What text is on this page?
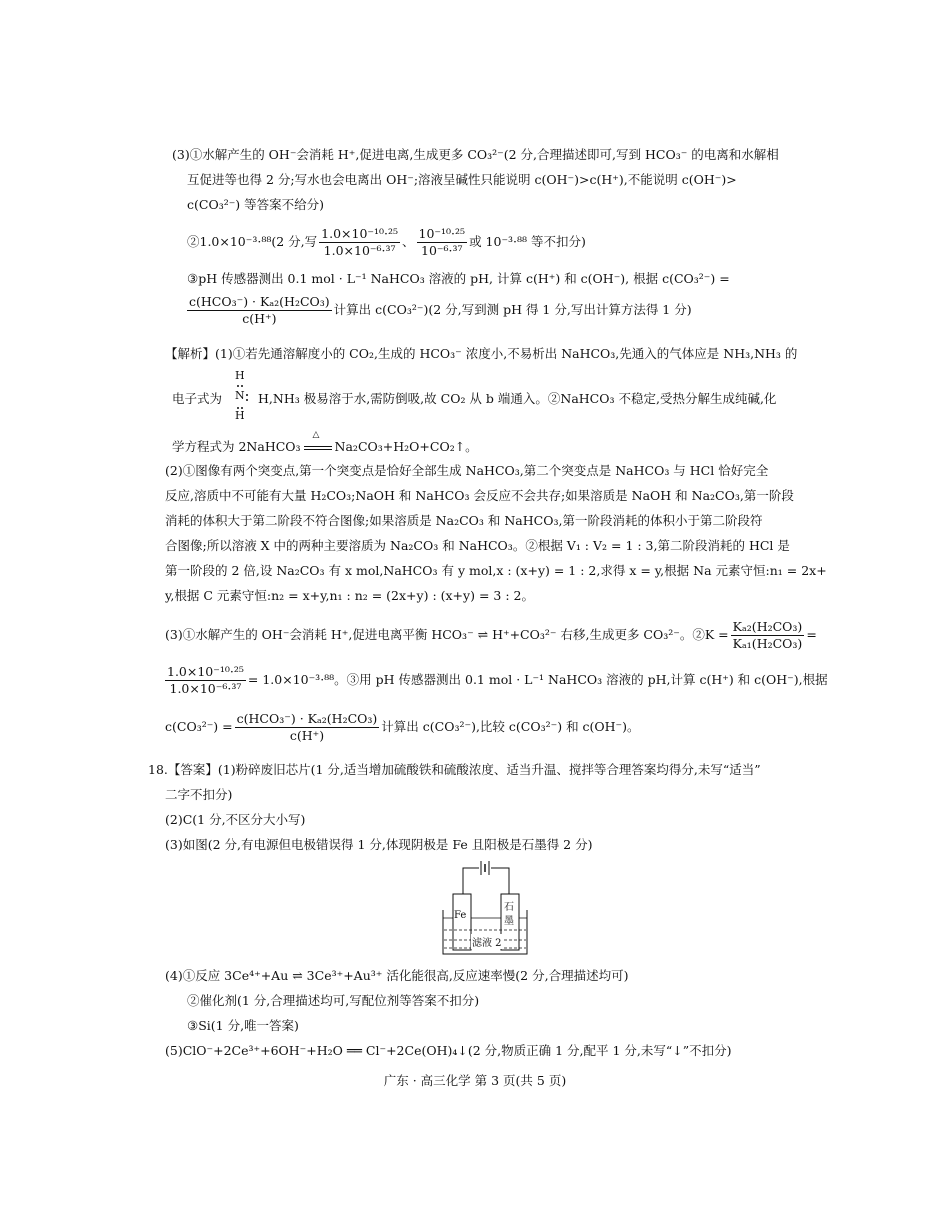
(3)①水解产生的 OH⁻会消耗 H⁺,促进电离,生成更多 CO₃²⁻(2 分,合理描述即可,写到 HCO₃⁻ 的电离和水解相
互促进等也得 2 分;写水也会电离出 OH⁻;溶液呈碱性只能说明 c(OH⁻)>c(H⁺),不能说明 c(OH⁻)>
c(CO₃²⁻) 等答案不给分)
②1.0×10⁻³·⁸⁸(2 分,写 $\frac{\text{1.0×10⁻¹⁰·²⁵}}{\text{1.0×10⁻⁶·³⁷}}$ 、 $\frac{\text{10⁻¹⁰·²⁵}}{\text{10⁻⁶·³⁷}}$ 或 10⁻³·⁸⁸ 等不扣分)
③pH 传感器测出 0.1 mol · L⁻¹ NaHCO₃ 溶液的 pH, 计算 c(H⁺) 和 c(OH⁻), 根据 c(CO₃²⁻) =
$\frac{\text{c(HCO₃⁻) · Kₐ₂(H₂CO₃)}}{c(H^+)}$ 计算出 c(CO₃²⁻)(2 分,写到测 pH 得 1 分,写出计算方法得 1 分)
【解析】(1)①若先通溶解度小的 CO₂,生成的 HCO₃⁻ 浓度小,不易析出 NaHCO₃,先通入的气体应是 NH₃,NH₃ 的
电子式为	H,NH₃ 极易溶于水,需防倒吸,故 CO₂ 从 b 端通入。②NaHCO₃ 不稳定,受热分解生成纯碱,化
H
N
H
学方程式为 2NaHCO₃
△
Na₂CO₃+H₂O+CO₂↑。
(2)①图像有两个突变点,第一个突变点是恰好全部生成 NaHCO₃,第二个突变点是 NaHCO₃ 与 HCl 恰好完全
反应,溶质中不可能有大量 H₂CO₃;NaOH 和 NaHCO₃ 会反应不会共存;如果溶质是 NaOH 和 Na₂CO₃,第一阶段
消耗的体积大于第二阶段不符合图像;如果溶质是 Na₂CO₃ 和 NaHCO₃,第一阶段消耗的体积小于第二阶段符
合图像;所以溶液 X 中的两种主要溶质为 Na₂CO₃ 和 NaHCO₃。②根据 V₁ : V₂ = 1 : 3,第二阶段消耗的 HCl 是
第一阶段的 2 倍,设 Na₂CO₃ 有 x mol,NaHCO₃ 有 y mol,x : (x+y) = 1 : 2,求得 x = y,根据 Na 元素守恒:n₁ = 2x+
y,根据 C 元素守恒:n₂ = x+y,n₁ : n₂ = (2x+y) : (x+y) = 3 : 2。
(3)①水解产生的 OH⁻会消耗 H⁺,促进电离平衡 HCO₃⁻ ⇌ H⁺+CO₃²⁻ 右移,生成更多 CO₃²⁻。②K = $\frac{\text{Kₐ₂(H₂CO₃)}}{\text{Kₐ₁(H₂CO₃)}}$ =
$\frac{\text{1.0×10⁻¹⁰·²⁵}}{\text{1.0×10⁻⁶·³⁷}} = 1.0\times 10^{-3}\cdot^{88}$。③用 pH 传感器测出 0.1 mol · L⁻¹ NaHCO₃ 溶液的 pH,计算 c(H⁺) 和 c(OH⁻),根据
$c(CO_3^{2-}) = \frac{\text{c(HCO₃⁻) · Kₐ₂(H₂CO₃)}}{c(H^+)}$ 计算出 c(CO₃²⁻),比较 c(CO₃²⁻) 和 c(OH⁻)。
18.【答案】(1)粉碎废旧芯片(1 分,适当增加硫酸铁和硫酸浓度、适当升温、搅拌等合理答案均得分,未写“适当”
二字不扣分)
(2)C(1 分,不区分大小写)
(3)如图(2 分,有电源但电极错误得 1 分,体现阴极是 Fe 且阳极是石墨得 2 分)
Fe
石
墨
滤液 2
(4)①反应 3Ce⁴⁺+Au ⇌ 3Ce³⁺+Au³⁺ 活化能很高,反应速率慢(2 分,合理描述均可)
②催化剂(1 分,合理描述均可,写配位剂等答案不扣分)
③Si(1 分,唯一答案)
(5)ClO⁻+2Ce³⁺+6OH⁻+H₂O ══ Cl⁻+2Ce(OH)₄↓(2 分,物质正确 1 分,配平 1 分,未写“↓”不扣分)
广东 · 高三化学 第 3 页(共 5 页)
